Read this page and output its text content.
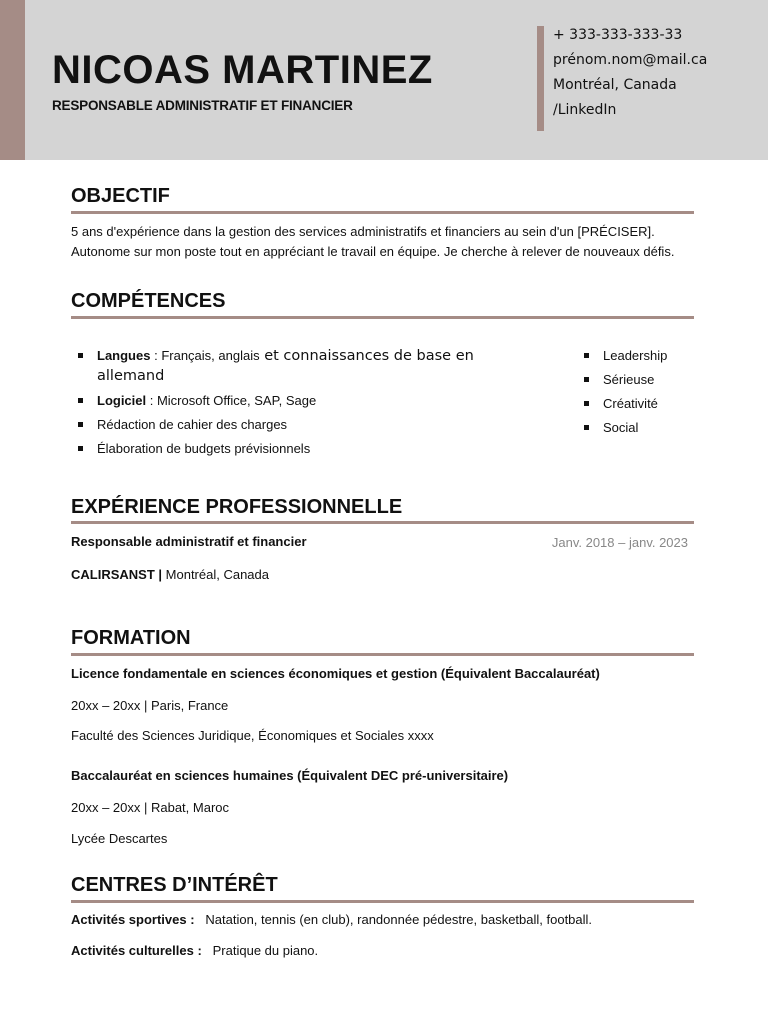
NICOAS MARTINEZ
RESPONSABLE ADMINISTRATIF ET FINANCIER
+ 333-333-333-33
prénom.nom@mail.ca
Montréal, Canada
/LinkedIn
OBJECTIF
5 ans d'expérience dans la gestion des services administratifs et financiers au sein d'un [PRÉCISER]. Autonome sur mon poste tout en appréciant le travail en équipe. Je cherche à relever de nouveaux défis.
COMPÉTENCES
Langues : Français, anglais et connaissances de base en allemand
Logiciel : Microsoft Office, SAP, Sage
Rédaction de cahier des charges
Élaboration de budgets prévisionnels
Leadership
Sérieuse
Créativité
Social
EXPÉRIENCE PROFESSIONNELLE
Responsable administratif et financier	Janv. 2018 – janv. 2023
CALIRSANST | Montréal, Canada
FORMATION
Licence fondamentale en sciences économiques et gestion (Équivalent Baccalauréat)
20xx – 20xx | Paris, France
Faculté des Sciences Juridique, Économiques et Sociales xxxx
Baccalauréat en sciences humaines (Équivalent DEC pré-universitaire)
20xx – 20xx | Rabat, Maroc
Lycée Descartes
CENTRES D’INTÉRÊT
Activités sportives : Natation, tennis (en club), randonnée pédestre, basketball, football.
Activités culturelles : Pratique du piano.
